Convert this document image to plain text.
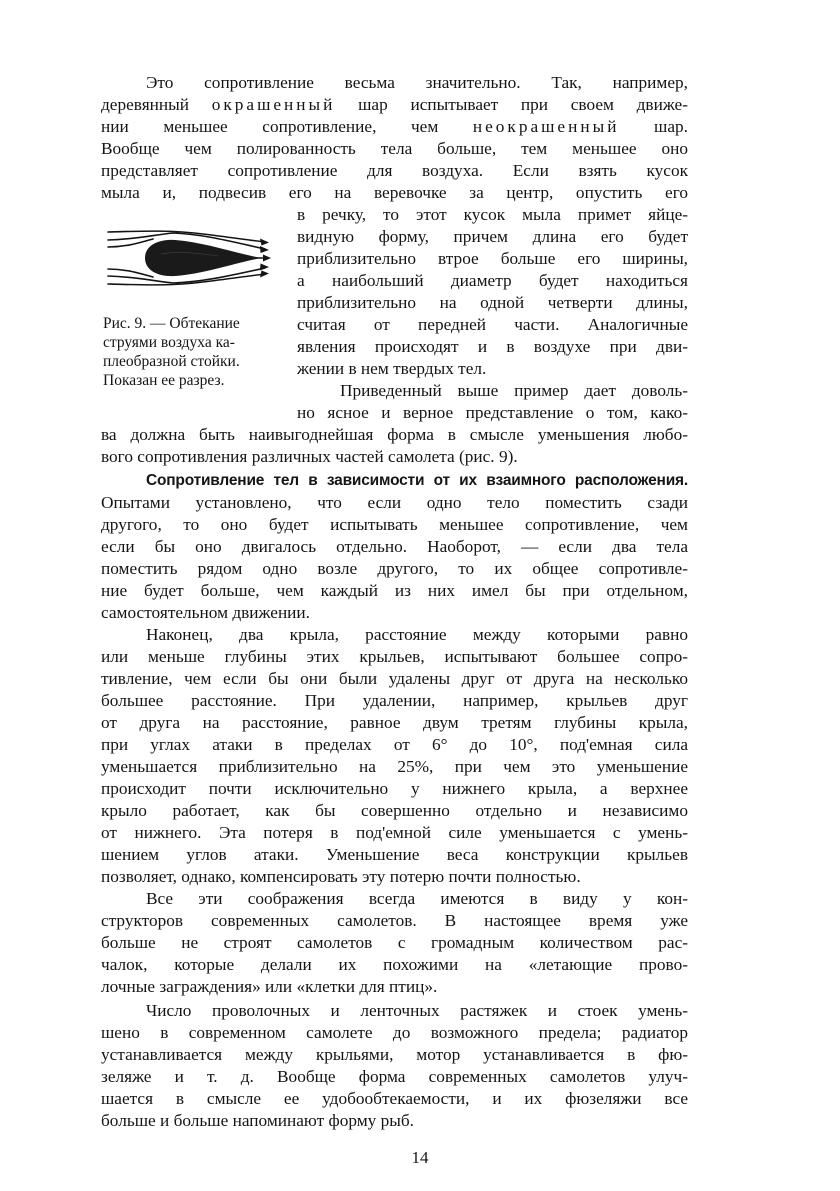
Это сопротивление весьма значительно. Так, например,
деревянный окрашенный шар испытывает при своем движе-
нии меньшее сопротивление, чем неокрашенный шар.
Вообще чем полированность тела больше, тем меньшее оно
представляет сопротивление для воздуха. Если взять кусок
мыла и, подвесив его на веревочке за центр, опустить его
в речку, то этот кусок мыла примет яйце-
видную форму, причем длина его будет
приблизительно втрое больше его ширины,
а наибольший диаметр будет находиться
приблизительно на одной четверти длины,
считая от передней части. Аналогичные
явления происходят и в воздухе при дви-
жении в нем твердых тел.
Рис. 9. — Обтекание
струями воздуха ка-
плеобразной стойки.
Показан ее разрез.
Приведенный выше пример дает доволь-
но ясное и верное представление о том, како-
ва должна быть наивыгоднейшая форма в смысле уменьшения любо-
вого сопротивления различных частей самолета (рис. 9).
Сопротивление тел в зависимости от их взаимного расположения.
Опытами установлено, что если одно тело поместить сзади
другого, то оно будет испытывать меньшее сопротивление, чем
если бы оно двигалось отдельно. Наоборот, — если два тела
поместить рядом одно возле другого, то их общее сопротивле-
ние будет больше, чем каждый из них имел бы при отдельном,
самостоятельном движении.
Наконец, два крыла, расстояние между которыми равно
или меньше глубины этих крыльев, испытывают большее сопро-
тивление, чем если бы они были удалены друг от друга на несколько
большее расстояние. При удалении, например, крыльев друг
от друга на расстояние, равное двум третям глубины крыла,
при углах атаки в пределах от 6° до 10°, под'емная сила
уменьшается приблизительно на 25%, при чем это уменьшение
происходит почти исключительно у нижнего крыла, а верхнее
крыло работает, как бы совершенно отдельно и независимо
от нижнего. Эта потеря в под'емной силе уменьшается с умень-
шением углов атаки. Уменьшение веса конструкции крыльев
позволяет, однако, компенсировать эту потерю почти полностью.
Все эти соображения всегда имеются в виду у кон-
структоров современных самолетов. В настоящее время уже
больше не строят самолетов с громадным количеством рас-
чалок, которые делали их похожими на «летающие прово-
лочные заграждения» или «клетки для птиц».
Число проволочных и ленточных растяжек и стоек умень-
шено в современном самолете до возможного предела; радиатор
устанавливается между крыльями, мотор устанавливается в фю-
зеляже и т. д. Вообще форма современных самолетов улуч-
шается в смысле ее удобообтекаемости, и их фюзеляжи все
больше и больше напоминают форму рыб.
14
